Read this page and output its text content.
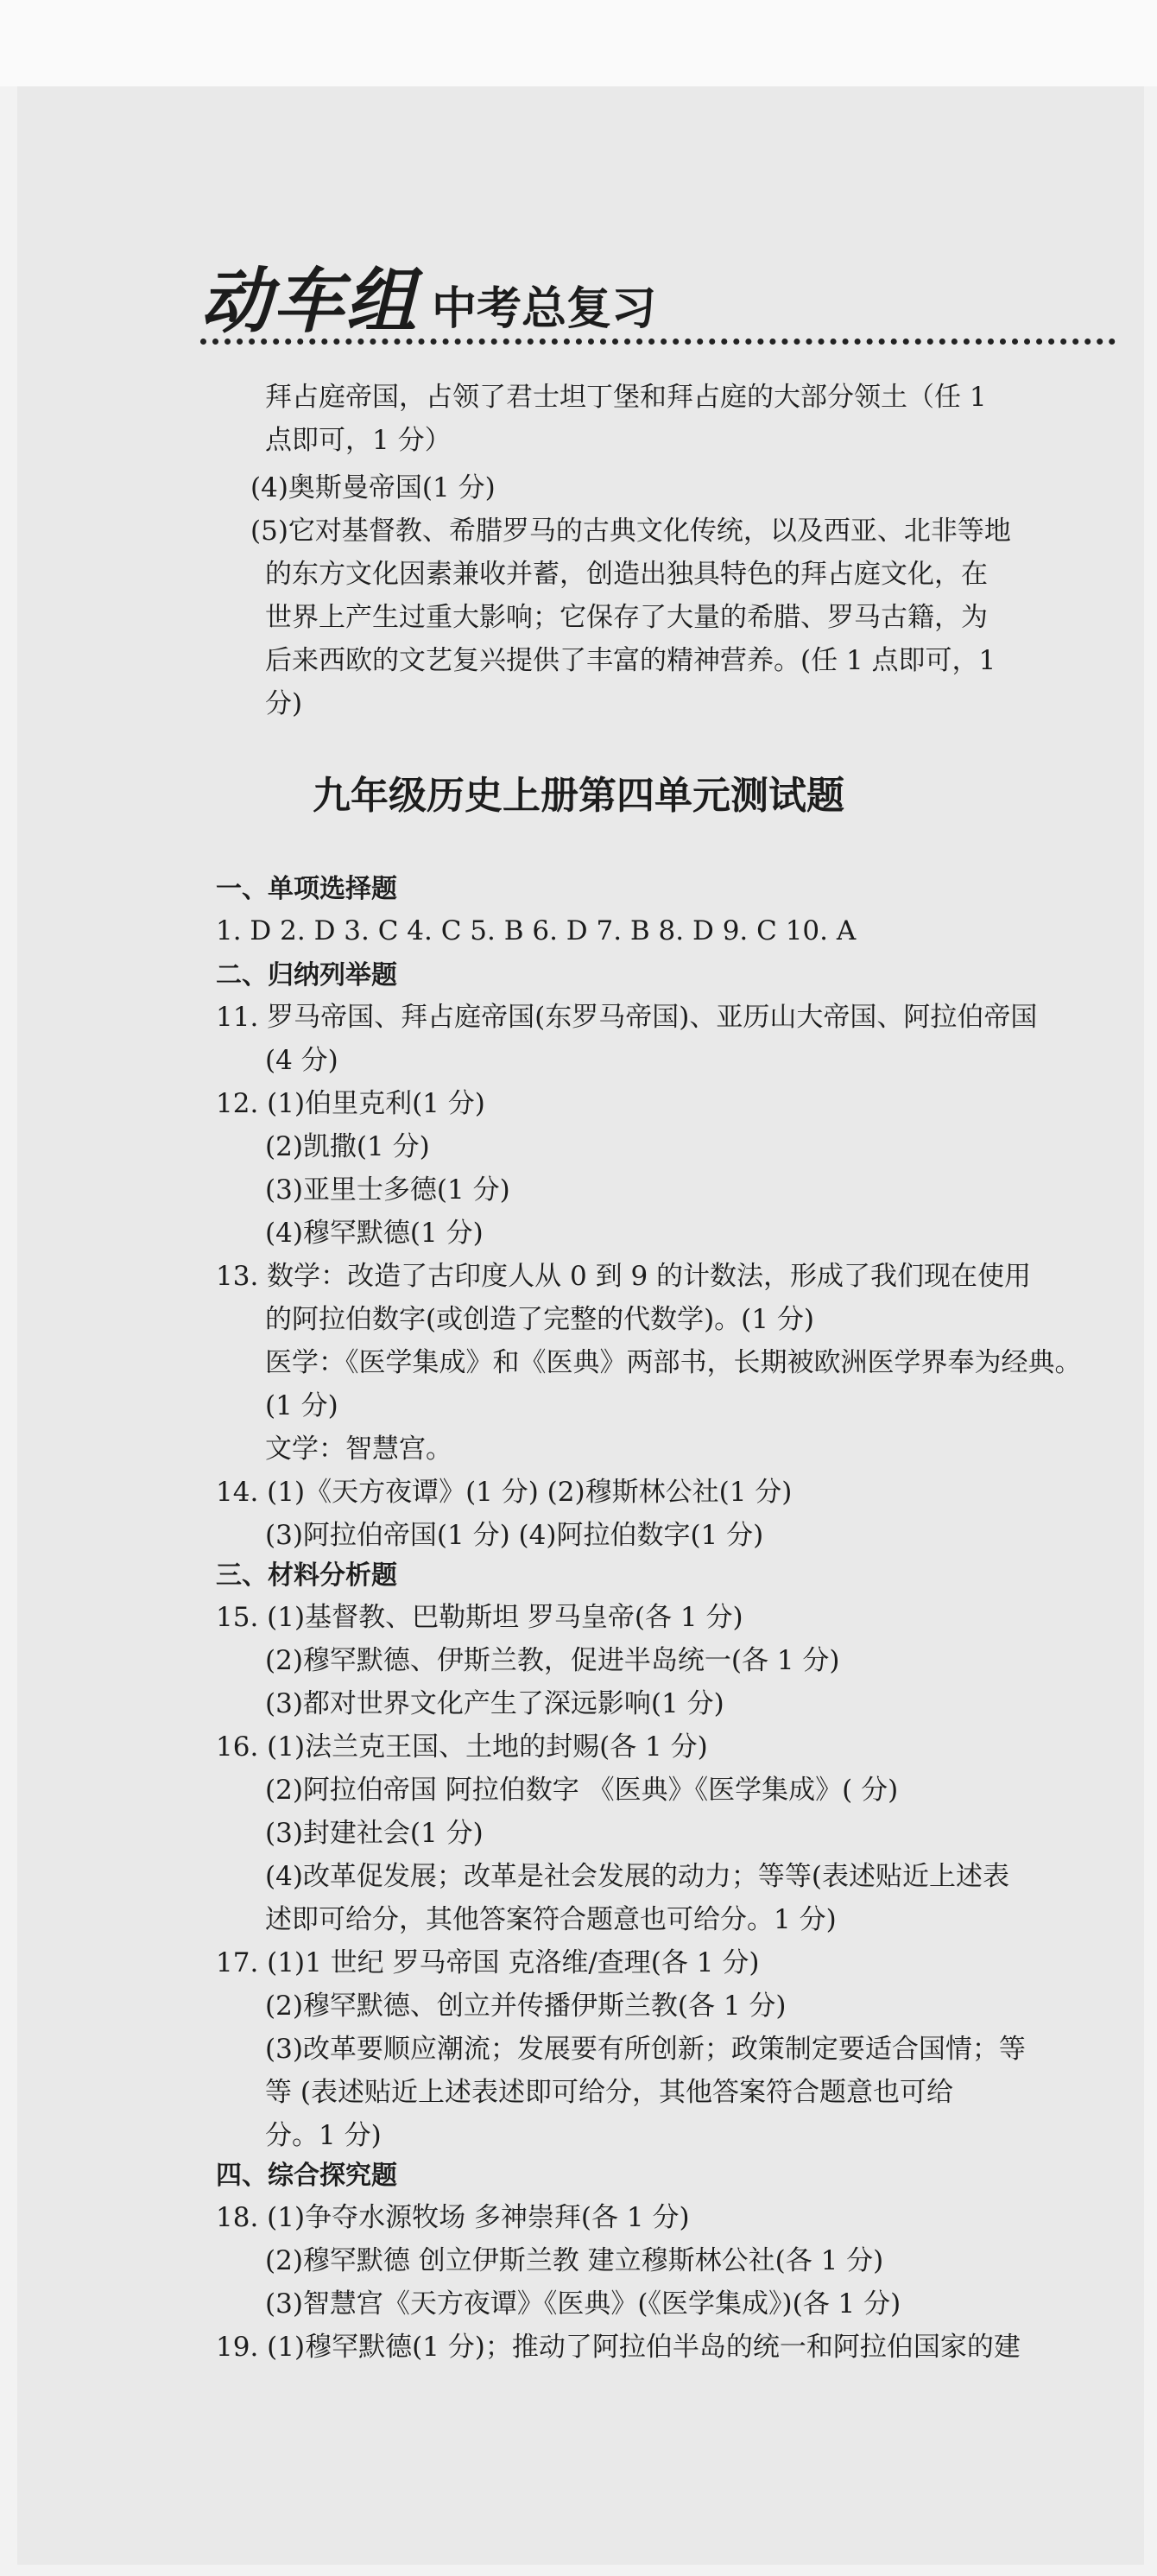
动车组 中考总复习
拜占庭帝国，占领了君士坦丁堡和拜占庭的大部分领土（任 1
点即可，1 分）
(4)奥斯曼帝国(1 分)
(5)它对基督教、希腊罗马的古典文化传统，以及西亚、北非等地
的东方文化因素兼收并蓄，创造出独具特色的拜占庭文化，在
世界上产生过重大影响；它保存了大量的希腊、罗马古籍，为
后来西欧的文艺复兴提供了丰富的精神营养。(任 1 点即可，1
分)
九年级历史上册第四单元测试题
一、单项选择题
二、归纳列举题
三、材料分析题
四、综合探究题
1. D 2. D 3. C 4. C 5. B 6. D 7. B 8. D 9. C 10. A
11. 罗马帝国、拜占庭帝国(东罗马帝国)、亚历山大帝国、阿拉伯帝国
(4 分)
12. (1)伯里克利(1 分)
(2)凯撒(1 分)
(3)亚里士多德(1 分)
(4)穆罕默德(1 分)
13. 数学：改造了古印度人从 0 到 9 的计数法，形成了我们现在使用
的阿拉伯数字(或创造了完整的代数学)。(1 分)
医学：《医学集成》和《医典》两部书，长期被欧洲医学界奉为经典。
(1 分)
文学：智慧宫。
14. (1)《天方夜谭》(1 分) (2)穆斯林公社(1 分)
(3)阿拉伯帝国(1 分) (4)阿拉伯数字(1 分)
15. (1)基督教、巴勒斯坦 罗马皇帝(各 1 分)
(2)穆罕默德、伊斯兰教，促进半岛统一(各 1 分)
(3)都对世界文化产生了深远影响(1 分)
16. (1)法兰克王国、土地的封赐(各 1 分)
(2)阿拉伯帝国 阿拉伯数字 《医典》《医学集成》( 分)
(3)封建社会(1 分)
(4)改革促发展；改革是社会发展的动力；等等(表述贴近上述表
述即可给分，其他答案符合题意也可给分。1 分)
17. (1)1 世纪 罗马帝国 克洛维/查理(各 1 分)
(2)穆罕默德、创立并传播伊斯兰教(各 1 分)
(3)改革要顺应潮流；发展要有所创新；政策制定要适合国情；等
等 (表述贴近上述表述即可给分，其他答案符合题意也可给
分。1 分)
18. (1)争夺水源牧场 多神崇拜(各 1 分)
(2)穆罕默德 创立伊斯兰教 建立穆斯林公社(各 1 分)
(3)智慧宫《天方夜谭》《医典》(《医学集成》)(各 1 分)
19. (1)穆罕默德(1 分)；推动了阿拉伯半岛的统一和阿拉伯国家的建
